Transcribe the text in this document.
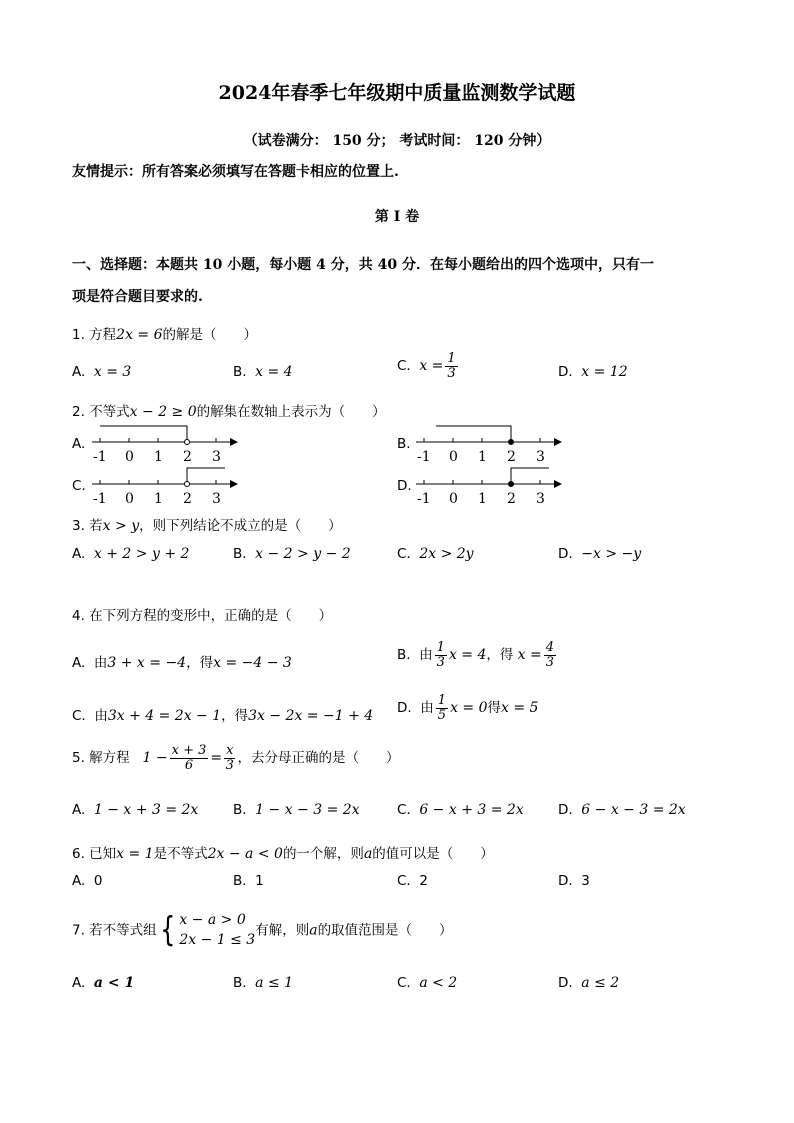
2024年春季七年级期中质量监测数学试题
（试卷满分： 150 分； 考试时间： 120 分钟）
友情提示：所有答案必须填写在答题卡相应的位置上.
第 I 卷
一、选择题：本题共 10 小题，每小题 4 分，共 40 分．在每小题给出的四个选项中，只有一
项是符合题目要求的.
1. 方程2x = 6的解是（　　）
A. x = 3	B. x = 4	C. $x = \frac{1}{3}$	D. x = 12
2. 不等式x − 2 ≥ 0的解集在数轴上表示为（　　）
A.
-1 0 1 2 3
B.
-1 0 1 2 3
C.
-1 0 1 2 3
D.
-1 0 1 2 3
3. 若x > y，则下列结论不成立的是（　　）
A. x + 2 > y + 2	B. x − 2 > y − 2	C. 2x > 2y	D. −x > −y
4. 在下列方程的变形中，正确的是（　　）
A. 由3 + x = −4，得x = −4 − 3	B. 由 $\frac{1}{3}$ x = 4，得 $x = \frac{4}{3}$
C. 由3x + 4 = 2x − 1，得3x − 2x = −1 + 4 D. 由 $\frac{1}{5}$ x = 0得x = 5
5. 解方程 $1 - \frac{x + 3}{6} = \frac{x}{3}$ ，去分母正确的是（　　）
A. 1 − x + 3 = 2x	B. 1 − x − 3 = 2x	C. 6 − x + 3 = 2x	D. 6 − x − 3 = 2x
6. 已知x = 1是不等式2x − a < 0的一个解，则a的值可以是（　　）
A. 0	B. 1	C. 2	D. 3
7. 若不等式组{ x − a > 0
2x − 1 ≤ 3
有解，则a的取值范围是（　　）
A. a < 1	B. a ≤ 1	C. a < 2	D. a ≤ 2
